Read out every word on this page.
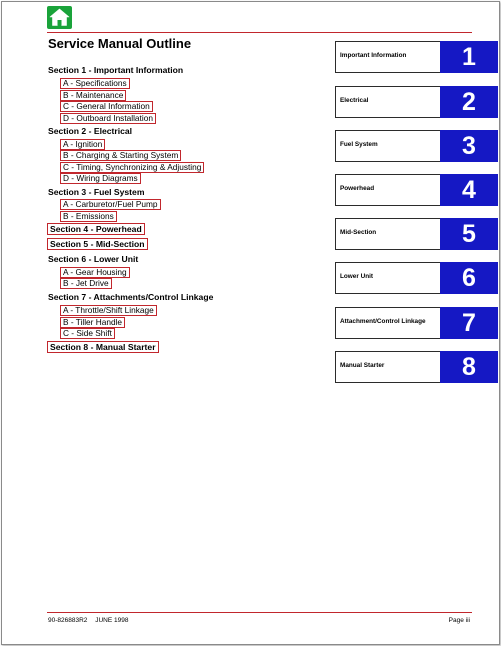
Service Manual Outline
Section 1 - Important Information
A - Specifications
B - Maintenance
C - General Information
D - Outboard Installation
Section 2 - Electrical
A - Ignition
B - Charging & Starting System
C - Timing, Synchronizing & Adjusting
D - Wiring Diagrams
Section 3 - Fuel System
A - Carburetor/Fuel Pump
B - Emissions
Section 4 - Powerhead
Section 5 - Mid-Section
Section 6 - Lower Unit
A - Gear Housing
B - Jet Drive
Section 7 - Attachments/Control Linkage
A - Throttle/Shift Linkage
B - Tiller Handle
C - Side Shift
Section 8 - Manual Starter
Important Information	1
Electrical	2
Fuel System	3
Powerhead	4
Mid-Section	5
Lower Unit	6
Attachment/Control Linkage	7
Manual Starter	8
90-826883R2 JUNE 1998	Page iii
